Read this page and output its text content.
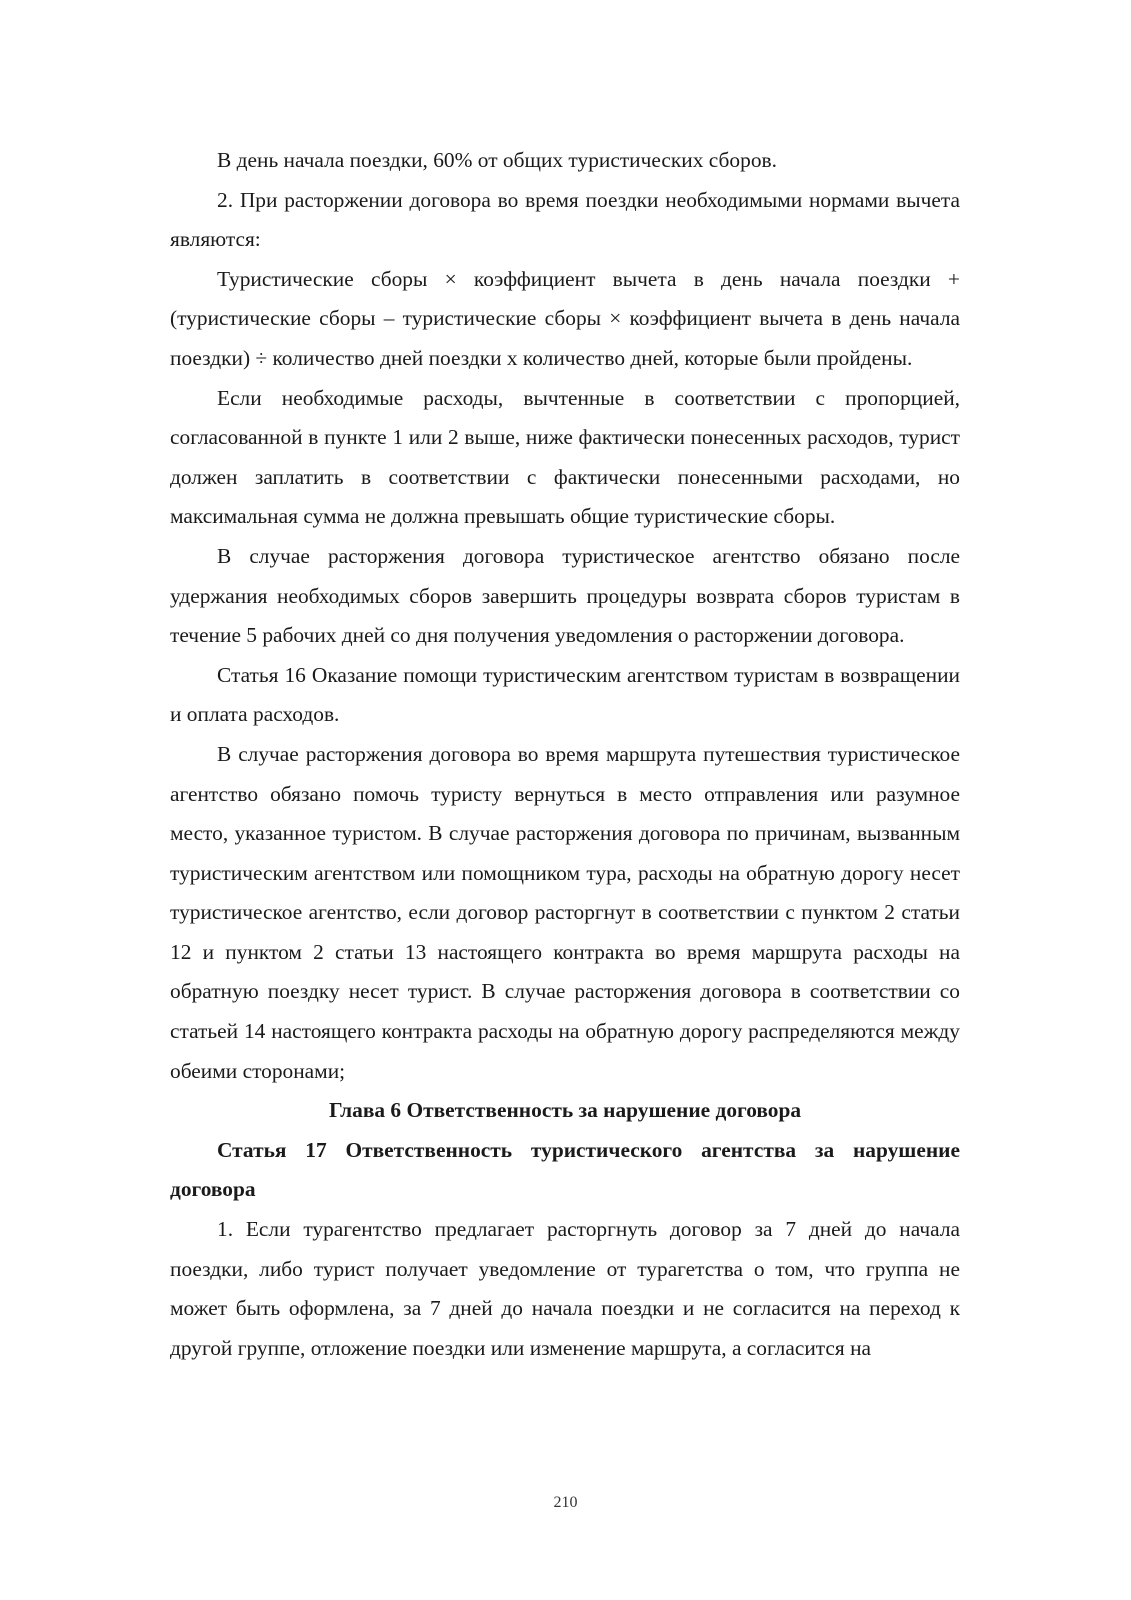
В день начала поездки, 60% от общих туристических сборов.

2. При расторжении договора во время поездки необходимыми нормами вычета являются:

Туристические сборы × коэффициент вычета в день начала поездки + (туристические сборы – туристические сборы × коэффициент вычета в день начала поездки) ÷ количество дней поездки х количество дней, которые были пройдены.

Если необходимые расходы, вычтенные в соответствии с пропорцией, согласованной в пункте 1 или 2 выше, ниже фактически понесенных расходов, турист должен заплатить в соответствии с фактически понесенными расходами, но максимальная сумма не должна превышать общие туристические сборы.

В случае расторжения договора туристическое агентство обязано после удержания необходимых сборов завершить процедуры возврата сборов туристам в течение 5 рабочих дней со дня получения уведомления о расторжении договора.

Статья 16 Оказание помощи туристическим агентством туристам в возвращении и оплата расходов.

В случае расторжения договора во время маршрута путешествия туристическое агентство обязано помочь туристу вернуться в место отправления или разумное место, указанное туристом. В случае расторжения договора по причинам, вызванным туристическим агентством или помощником тура, расходы на обратную дорогу несет туристическое агентство, если договор расторгнут в соответствии с пунктом 2 статьи 12 и пунктом 2 статьи 13 настоящего контракта во время маршрута расходы на обратную поездку несет турист. В случае расторжения договора в соответствии со статьей 14 настоящего контракта расходы на обратную дорогу распределяются между обеими сторонами;

Глава 6 Ответственность за нарушение договора

Статья 17 Ответственность туристического агентства за нарушение договора

1. Если турагентство предлагает расторгнуть договор за 7 дней до начала поездки, либо турист получает уведомление от турагетства о том, что группа не может быть оформлена, за 7 дней до начала поездки и не согласится на переход к другой группе, отложение поездки или изменение маршрута, а согласится на

210
